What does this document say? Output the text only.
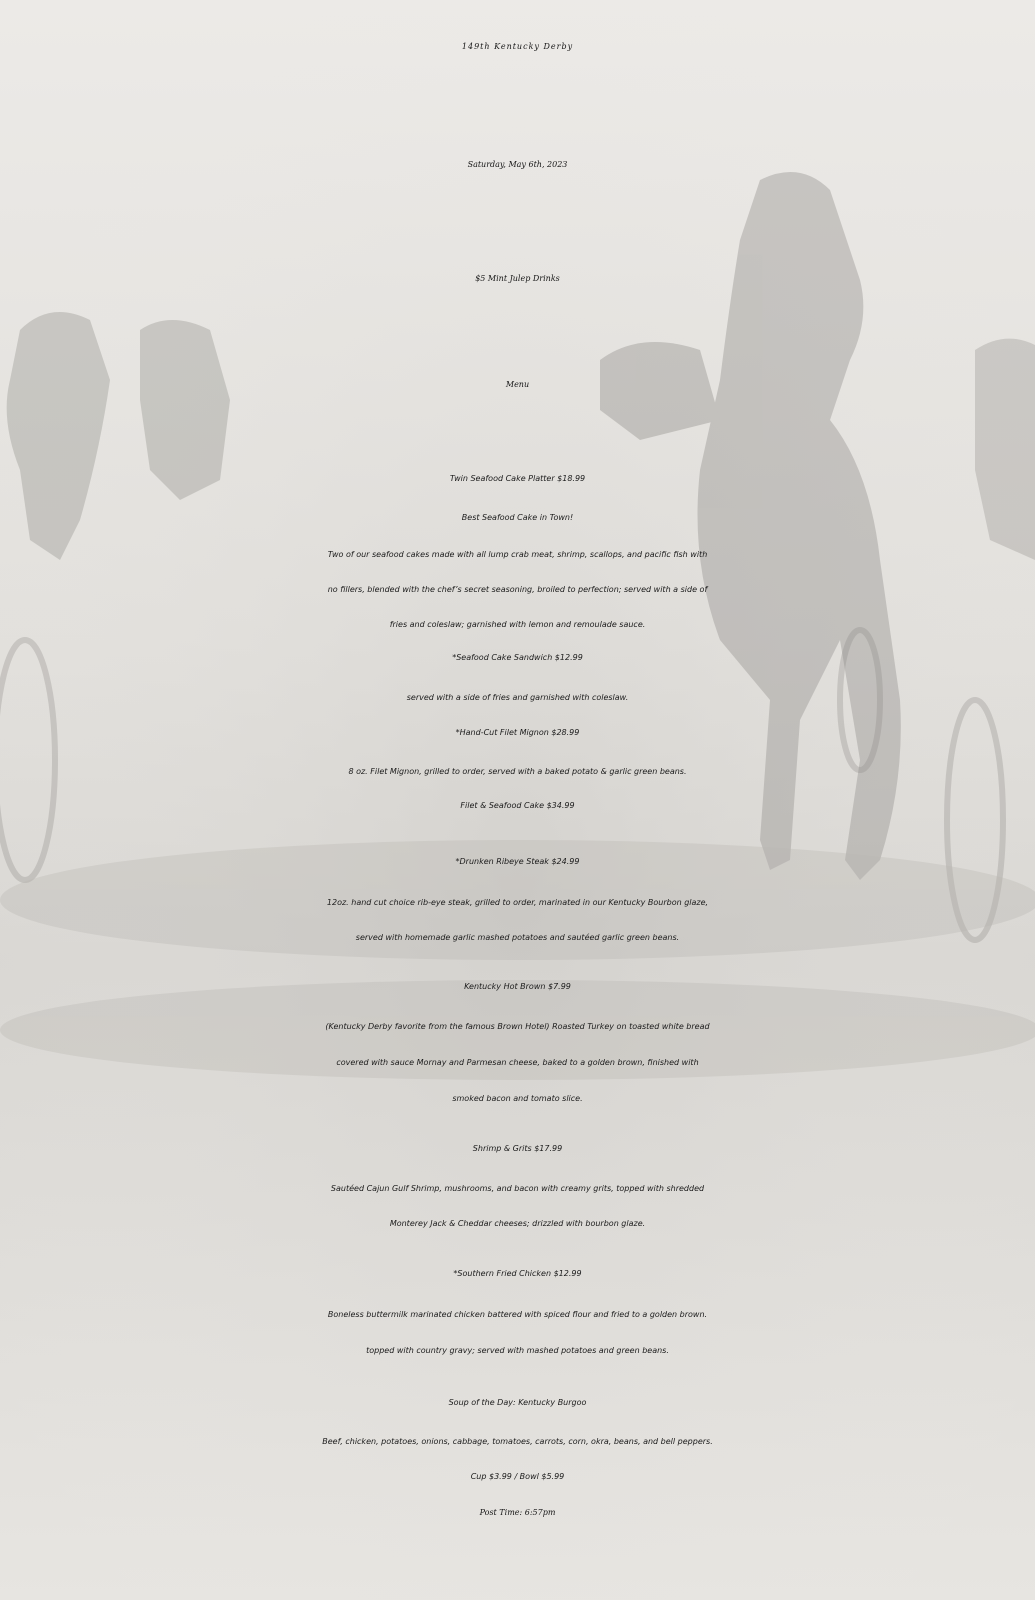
149th Kentucky Derby
Saturday, May 6th, 2023
$5 Mint Julep Drinks
Menu

Twin Seafood Cake Platter $18.99

Best Seafood Cake in Town!

Two of our seafood cakes made with all lump crab meat, shrimp, scallops, and pacific fish with

no fillers, blended with the chef’s secret seasoning, broiled to perfection; served with a side of

fries and coleslaw; garnished with lemon and remoulade sauce.

*Seafood Cake Sandwich $12.99

served with a side of fries and garnished with coleslaw.

*Hand-Cut Filet Mignon $28.99

8 oz. Filet Mignon, grilled to order, served with a baked potato & garlic green beans.

Filet & Seafood Cake $34.99

*Drunken Ribeye Steak $24.99

12oz. hand cut choice rib-eye steak, grilled to order, marinated in our Kentucky Bourbon glaze,

served with homemade garlic mashed potatoes and sautéed garlic green beans.

Kentucky Hot Brown $7.99

(Kentucky Derby favorite from the famous Brown Hotel) Roasted Turkey on toasted white bread

covered with sauce Mornay and Parmesan cheese, baked to a golden brown, finished with

smoked bacon and tomato slice.

Shrimp & Grits $17.99

Sautéed Cajun Gulf Shrimp, mushrooms, and bacon with creamy grits, topped with shredded

Monterey Jack & Cheddar cheeses; drizzled with bourbon glaze.

*Southern Fried Chicken $12.99

Boneless buttermilk marinated chicken battered with spiced flour and fried to a golden brown.

topped with country gravy; served with mashed potatoes and green beans.

Soup of the Day: Kentucky Burgoo

Beef, chicken, potatoes, onions, cabbage, tomatoes, carrots, corn, okra, beans, and bell peppers.

Cup $3.99 / Bowl $5.99

Post Time: 6:57pm
